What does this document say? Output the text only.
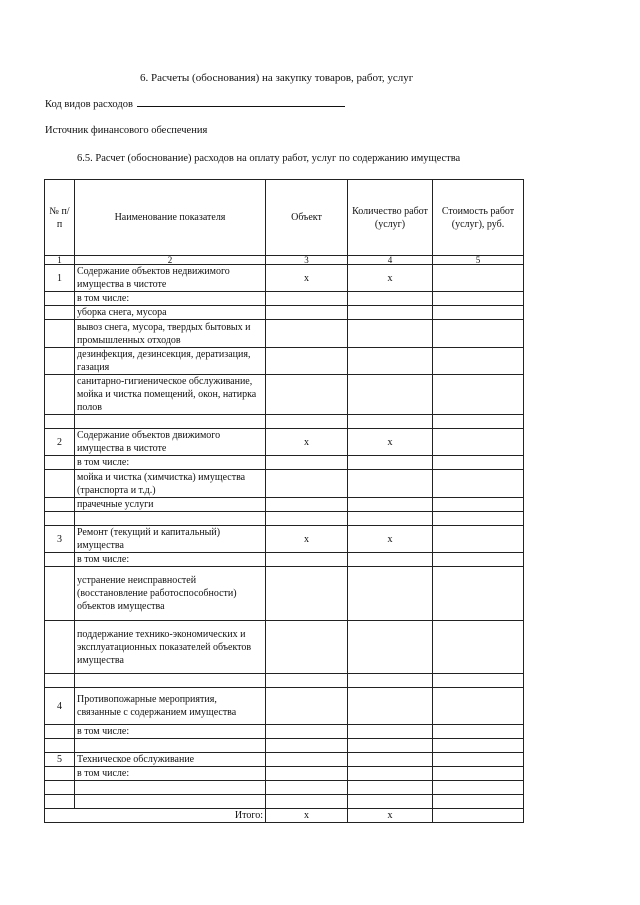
6. Расчеты (обоснования) на закупку товаров, работ, услуг
Код видов расходов
Источник финансового обеспечения
6.5. Расчет (обоснование) расходов на оплату работ, услуг по содержанию имущества
№ п/п	Наименование показателя	Объект	Количество работ (услуг)	Стоимость работ (услуг), руб.
1	2	3	4	5
1	Содержание объектов недвижимого имущества в чистоте	x	x	
	в том числе:			
	уборка снега, мусора			
	вывоз снега, мусора, твердых бытовых и промышленных отходов			
	дезинфекция, дезинсекция, дератизация, газация			
	санитарно-гигиеническое обслуживание, мойка и чистка помещений, окон, натирка полов			

2	Содержание объектов движимого имущества в чистоте	x	x	
	в том числе:			
	мойка и чистка (химчистка) имущества (транспорта и т.д.)			
	прачечные услуги			

3	Ремонт (текущий и капитальный) имущества	x	x	
	в том числе:			
	устранение неисправностей (восстановление работоспособности) объектов имущества			
	поддержание технико-экономических и эксплуатационных показателей объектов имущества			

4	Противопожарные мероприятия, связанные с содержанием имущества			
	в том числе:			

5	Техническое обслуживание			
	в том числе:			

Итого:		x	x	
